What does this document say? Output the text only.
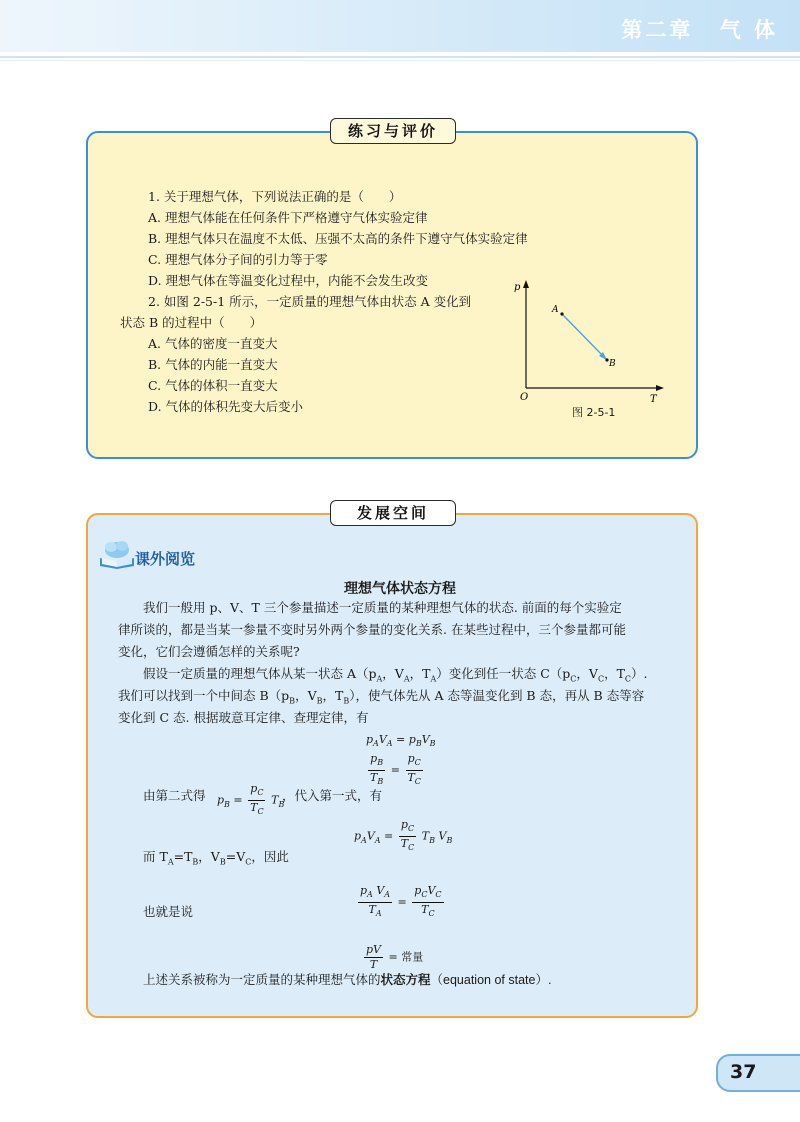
第二章 气 体
练习与评价
1. 关于理想气体，下列说法正确的是（　　）
A. 理想气体能在任何条件下严格遵守气体实验定律
B. 理想气体只在温度不太低、压强不太高的条件下遵守气体实验定律
C. 理想气体分子间的引力等于零
D. 理想气体在等温变化过程中，内能不会发生改变
2. 如图 2-5-1 所示，一定质量的理想气体由状态 A 变化到
状态 B 的过程中（　　）
A. 气体的密度一直变大
B. 气体的内能一直变大
C. 气体的体积一直变大
D. 气体的体积先变大后变小
p
T
O
A
B
图 2-5-1
发展空间
课外阅览
理想气体状态方程
我们一般用 p、V、T 三个参量描述一定质量的某种理想气体的状态. 前面的每个实验定
律所谈的，都是当某一参量不变时另外两个参量的变化关系. 在某些过程中，三个参量都可能
变化，它们会遵循怎样的关系呢?
假设一定质量的理想气体从某一状态 $A(p_A$，$V_A$，$T_A$）变化到任一状态 $C(p_C$，$V_C$，$T_C$）.
我们可以找到一个中间态 $B(p_B$，$V_B$，$T_B$），使气体先从 A 态等温变化到 B 态，再从 B 态等容
变化到 C 态. 根据玻意耳定律、查理定律，有
$p_AV_A = p_BV_B$
$\frac{p_B}{T_B} = \frac{p_C}{T_C}$
由第二式得 $p_B = \frac{p_C}{T_C} T_B$
，代入第一式，有
$p_AV_A = \frac{p_C}{T_C} T_B$ $V_B$
而 $T_A=T_B$，$V_B=V_C$，因此
$\frac{p_A V_A}{T_A} = \frac{p_CV_C}{T_C}$
也就是说
$\frac{pV}{T}$ = 常量
上述关系被称为一定质量的某种理想气体的状态方程（equation of state）.
37
